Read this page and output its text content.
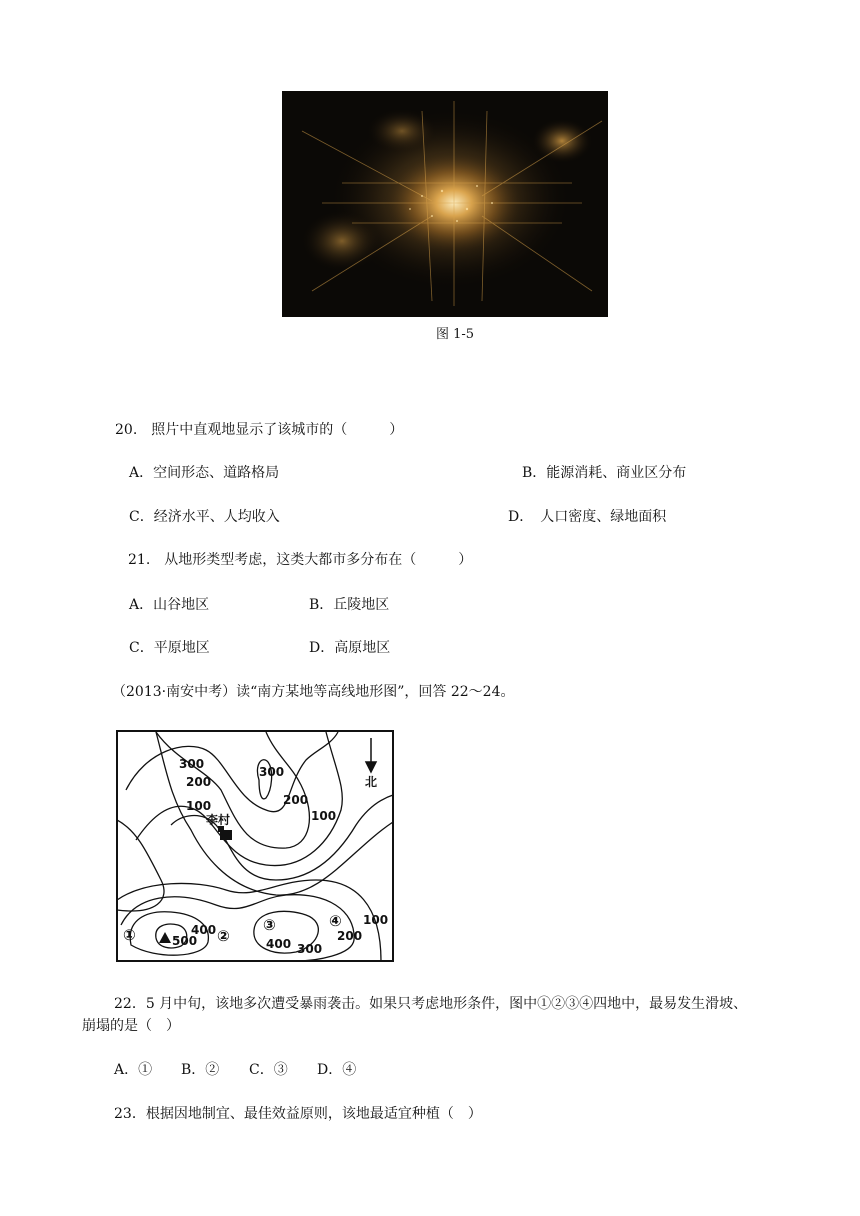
图 1-5
20.　照片中直观地显示了该城市的（　　　）
A．空间形态、道路格局	B．能源消耗、商业区分布
C．经济水平、人均收入	D．　人口密度、绿地面积
21.　从地形类型考虑，这类大都市多分布在（　　　）
A．山谷地区	B．丘陵地区
C．平原地区	D．高原地区
（2013·南安中考）读“南方某地等高线地形图”，回答 22～24。
北
李村
300
200
100
300
200
100
400
500	400 300
200
100
①	②
③	④
22．5 月中旬，该地多次遭受暴雨袭击。如果只考虑地形条件，图中①②③④四地中，最易发生滑坡、
崩塌的是（　）
A．① B．② C．③ D．④
23．根据因地制宜、最佳效益原则，该地最适宜种植（　）
